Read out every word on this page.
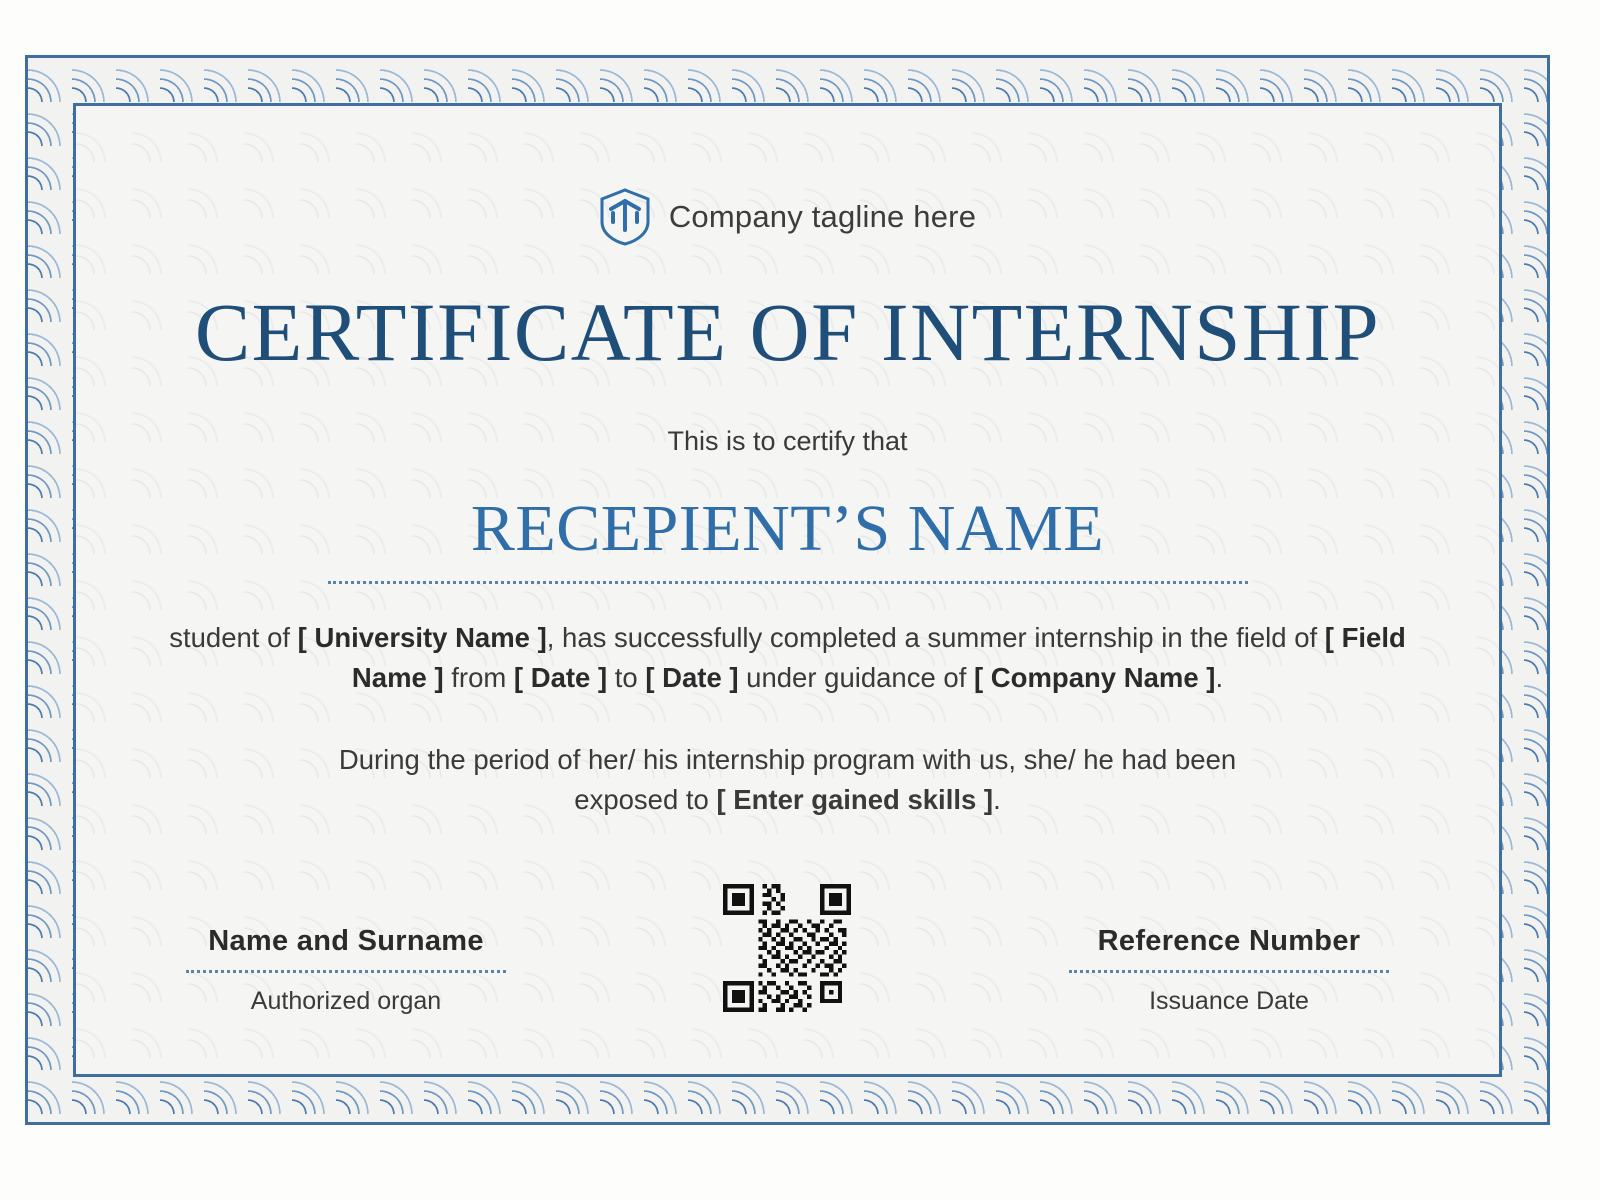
Company tagline here
CERTIFICATE OF INTERNSHIP
This is to certify that
RECEPIENT’S NAME
student of [ University Name ], has successfully completed a summer internship in the field of [ Field Name ] from [ Date ] to [ Date ] under guidance of [ Company Name ].
During the period of her/ his internship program with us, she/ he had been exposed to [ Enter gained skills ].
Name and Surname
Authorized organ
Reference Number
Issuance Date
